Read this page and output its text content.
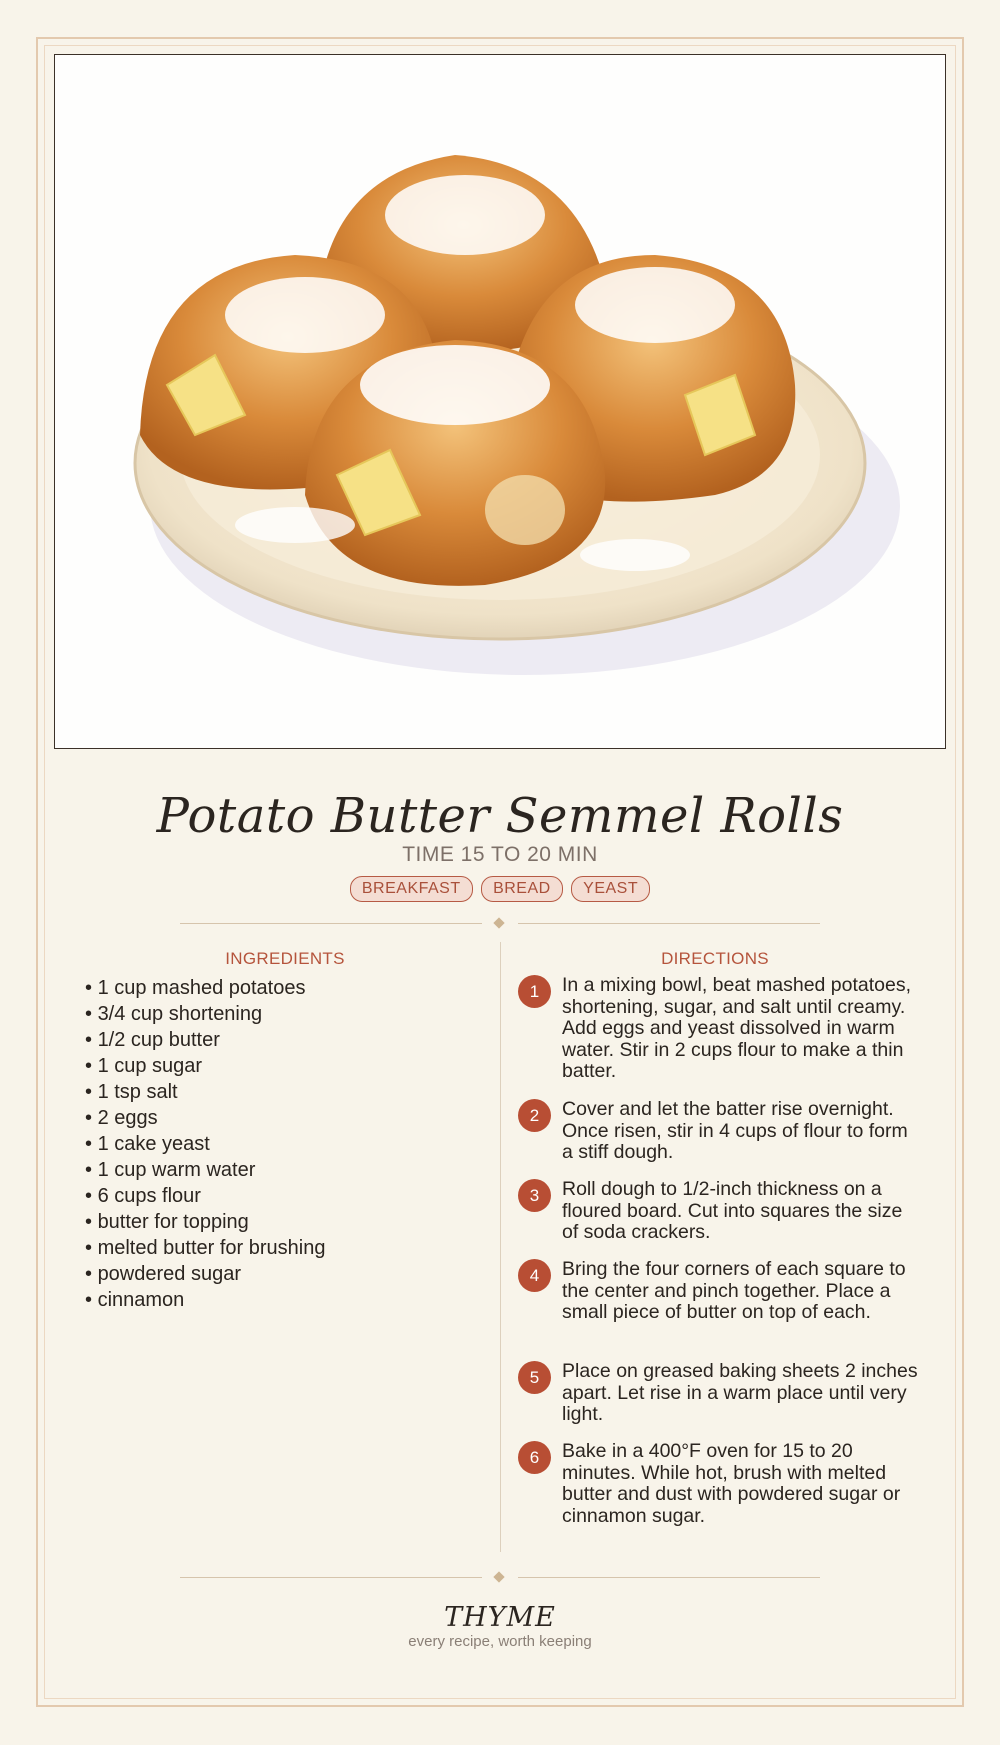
Potato Butter Semmel Rolls
TIME 15 TO 20 MIN
BREAKFAST BREAD YEAST
INGREDIENTS
• 1 cup mashed potatoes
• 3/4 cup shortening
• 1/2 cup butter
• 1 cup sugar
• 1 tsp salt
• 2 eggs
• 1 cake yeast
• 1 cup warm water
• 6 cups flour
• butter for topping
• melted butter for brushing
• powdered sugar
• cinnamon
DIRECTIONS
1	In a mixing bowl, beat mashed potatoes, shortening, sugar, and salt until creamy. Add eggs and yeast dissolved in warm water. Stir in 2 cups flour to make a thin batter.
2	Cover and let the batter rise overnight. Once risen, stir in 4 cups of flour to form a stiff dough.
3	Roll dough to 1/2-inch thickness on a floured board. Cut into squares the size of soda crackers.
4	Bring the four corners of each square to the center and pinch together. Place a small piece of butter on top of each.
5	Place on greased baking sheets 2 inches apart. Let rise in a warm place until very light.
6	Bake in a 400°F oven for 15 to 20 minutes. While hot, brush with melted butter and dust with powdered sugar or cinnamon sugar.
THYME
every recipe, worth keeping
